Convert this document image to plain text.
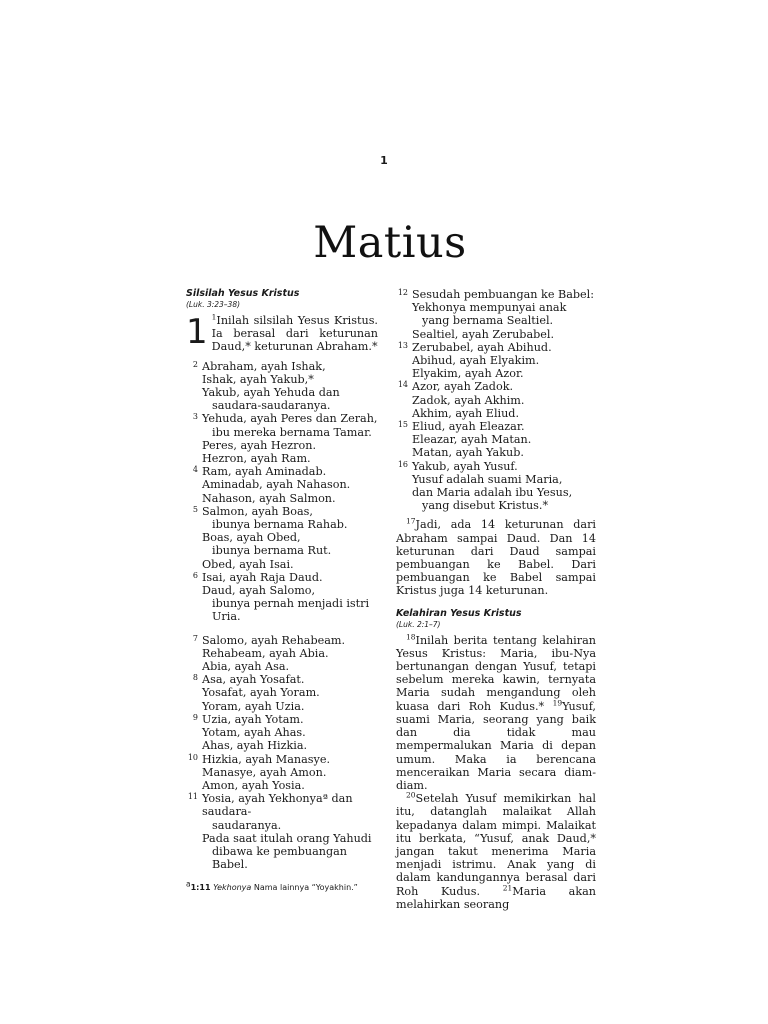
1
Matius

Silsilah Yesus Kristus

(Luk. 3:23–38)

1 $^1$Inilah silsilah Yesus Kristus. Ia berasal dari keturunan Daud,* keturunan Abraham.*

2 Abraham, ayah Ishak,
Ishak, ayah Yakub,*
Yakub, ayah Yehuda dan
saudara-saudaranya.
3 Yehuda, ayah Peres dan Zerah,
ibu mereka bernama Tamar.
Peres, ayah Hezron.
Hezron, ayah Ram.
4 Ram, ayah Aminadab.
Aminadab, ayah Nahason.
Nahason, ayah Salmon.
5 Salmon, ayah Boas,
ibunya bernama Rahab.
Boas, ayah Obed,
ibunya bernama Rut.
Obed, ayah Isai.
6 Isai, ayah Raja Daud.
Daud, ayah Salomo,
ibunya pernah menjadi istri Uria.
7 Salomo, ayah Rehabeam.
Rehabeam, ayah Abia.
Abia, ayah Asa.
8 Asa, ayah Yosafat.
Yosafat, ayah Yoram.
Yoram, ayah Uzia.
9 Uzia, ayah Yotam.
Yotam, ayah Ahas.
Ahas, ayah Hizkia.
10 Hizkia, ayah Manasye.
Manasye, ayah Amon.
Amon, ayah Yosia.
11 Yosia, ayah Yekhonyaª dan saudara-
saudaranya.
Pada saat itulah orang Yahudi
dibawa ke pembuangan Babel.
a1:11 Yekhonya Nama lainnya “Yoyakhin.”
12 Sesudah pembuangan ke Babel:
Yekhonya mempunyai anak
yang bernama Sealtiel.
Sealtiel, ayah Zerubabel.
13 Zerubabel, ayah Abihud.
Abihud, ayah Elyakim.
Elyakim, ayah Azor.
14 Azor, ayah Zadok.
Zadok, ayah Akhim.
Akhim, ayah Eliud.
15 Eliud, ayah Eleazar.
Eleazar, ayah Matan.
Matan, ayah Yakub.
16 Yakub, ayah Yusuf.
Yusuf adalah suami Maria,
dan Maria adalah ibu Yesus,
yang disebut Kristus.*

$^{17}$Jadi, ada 14 keturunan dari Abraham sampai Daud. Dan 14 keturunan dari Daud sampai pembuangan ke Babel. Dari pembuangan ke Babel sampai Kristus juga 14 keturunan.

Kelahiran Yesus Kristus

(Luk. 2:1–7)

$^{18}$Inilah berita tentang kelahiran Yesus Kristus: Maria, ibu-Nya bertunangan dengan Yusuf, tetapi sebelum mereka kawin, ternyata Maria sudah mengandung oleh kuasa dari Roh Kudus.* $^{19}$Yusuf, suami Maria, seorang yang baik dan dia tidak mau mempermalukan Maria di depan umum. Maka ia berencana menceraikan Maria secara diam-diam.

$^{20}$Setelah Yusuf memikirkan hal itu, datanglah malaikat Allah kepadanya dalam mimpi. Malaikat itu berkata, “Yusuf, anak Daud,* jangan takut menerima Maria menjadi istrimu. Anak yang di dalam kandungannya berasal dari Roh Kudus.	$^{21}$Maria akan melahirkan seorang
